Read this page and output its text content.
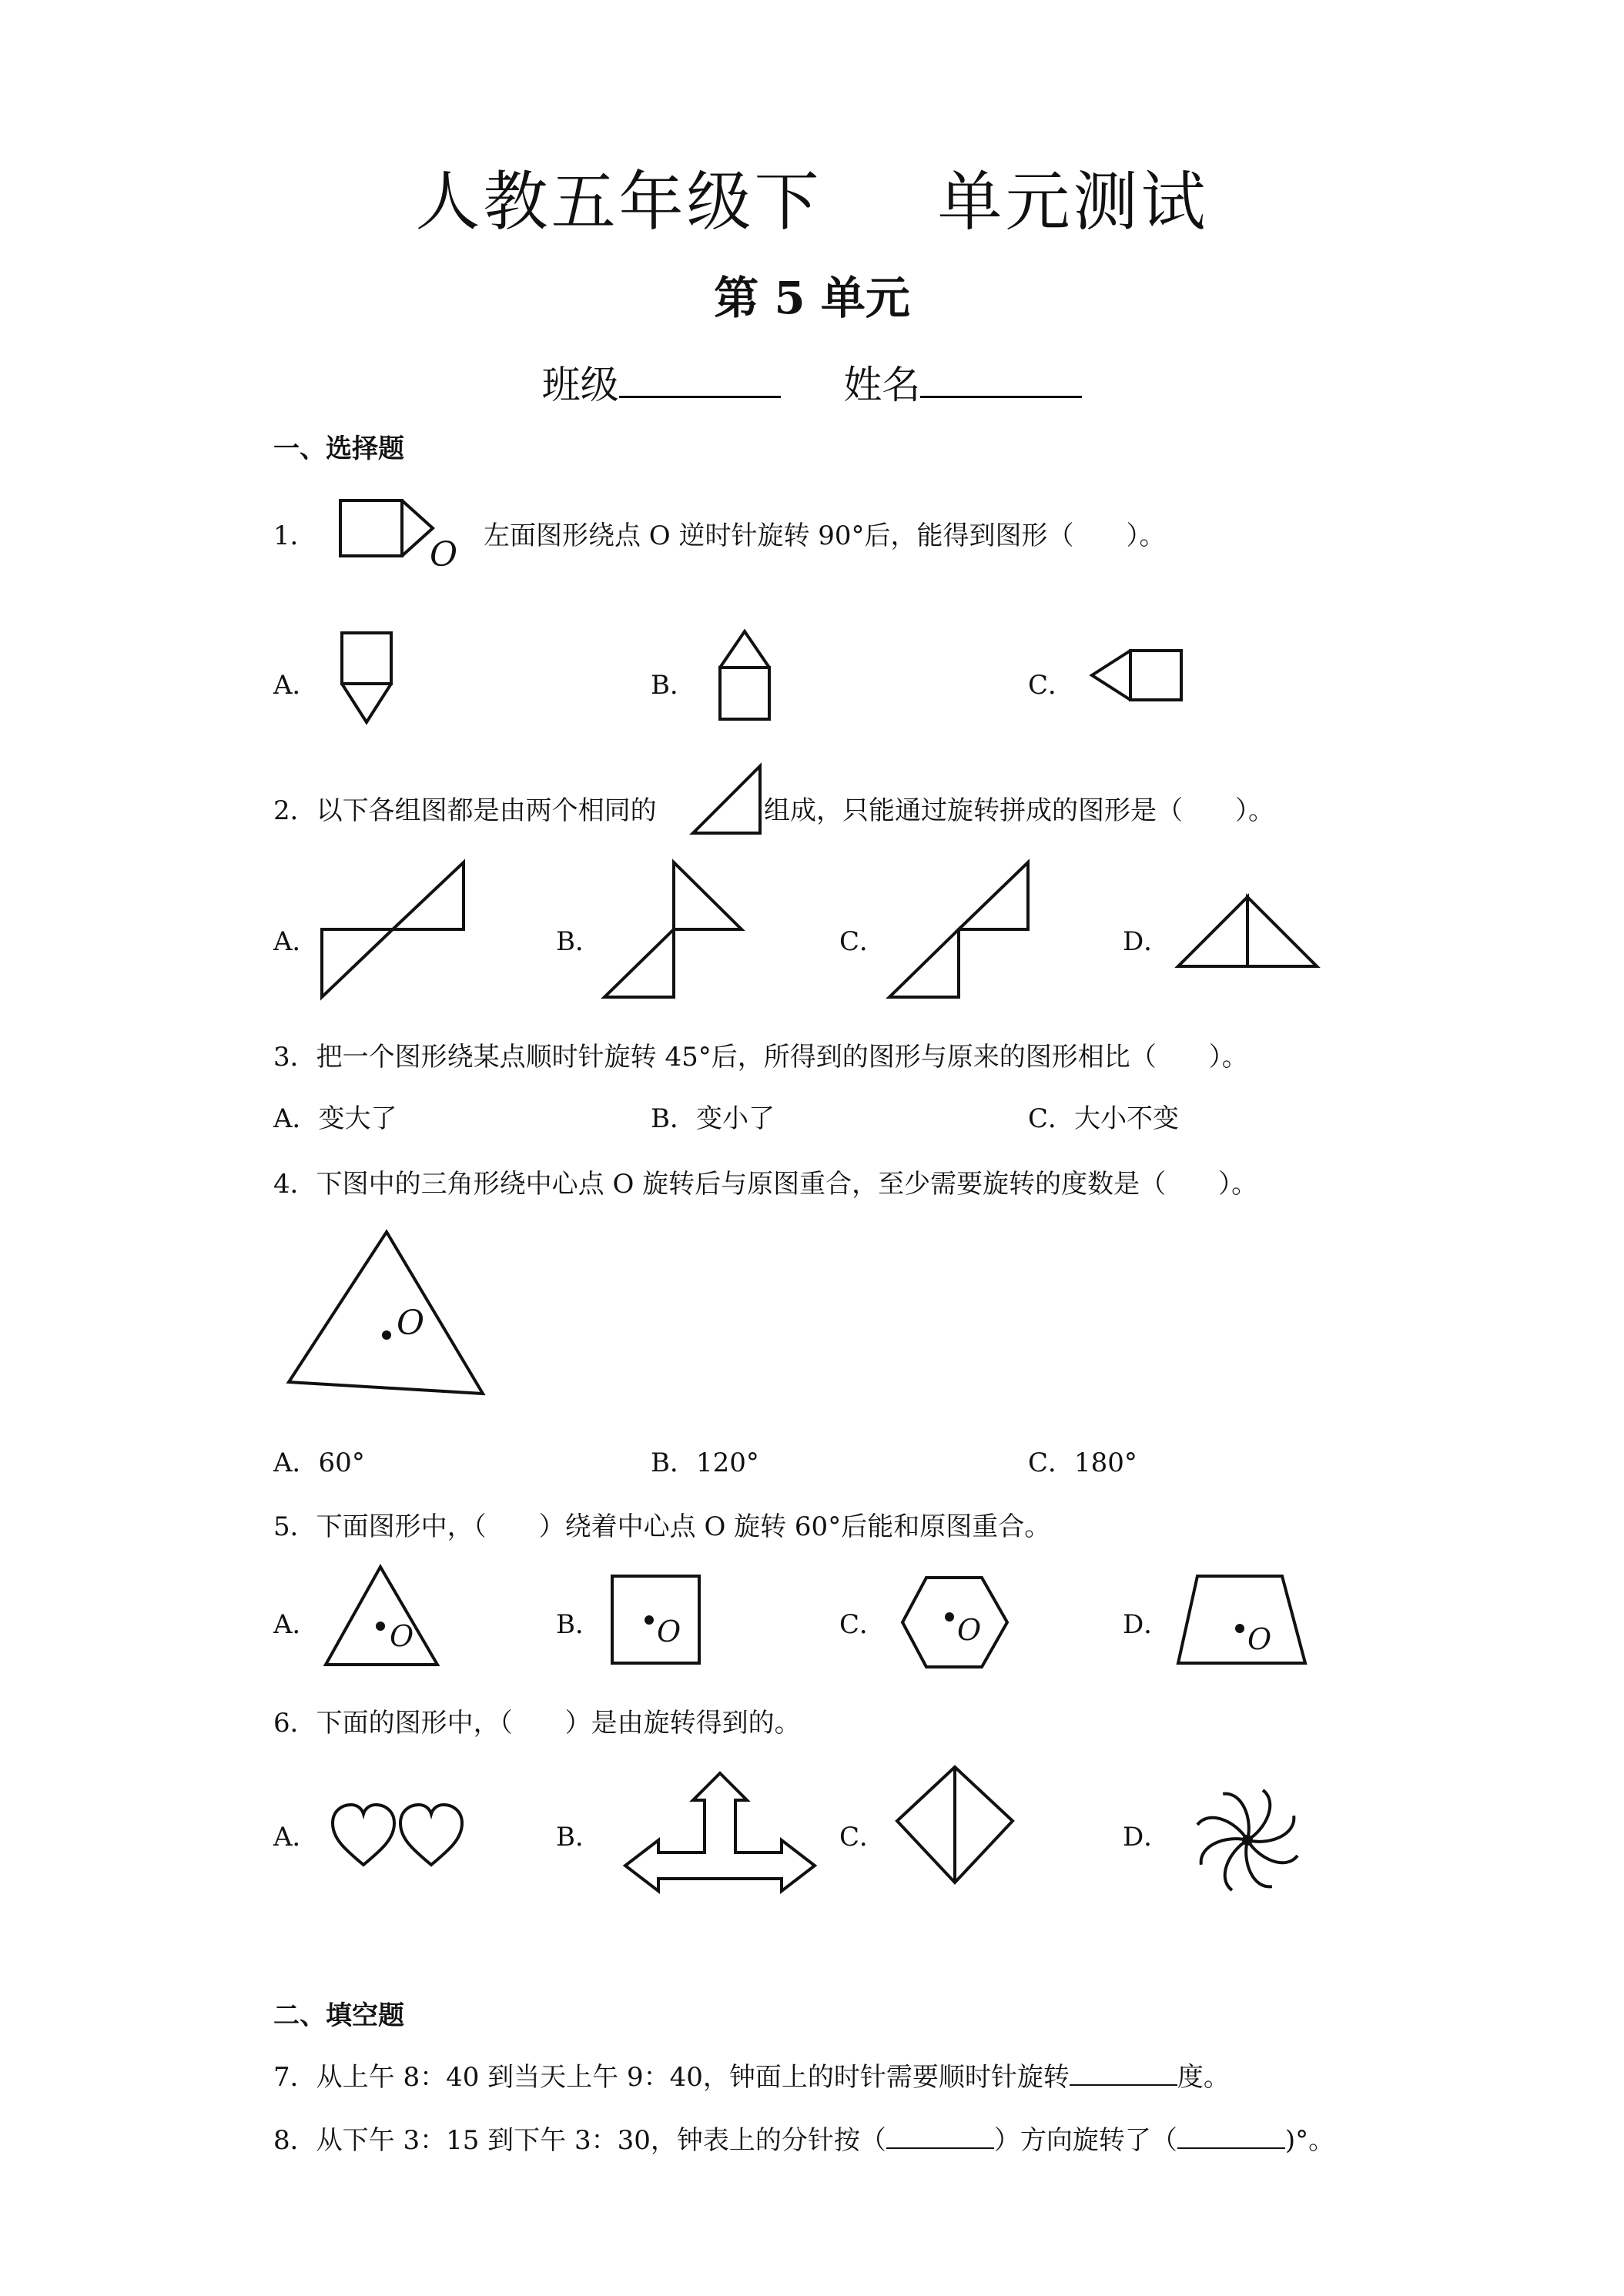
人教五年级下 单元测试
第 5 单元
班级	姓名
一、选择题
1．	O 左面图形绕点 O 逆时针旋转 90°后，能得到图形（　　）。
A．	B．	C．
2．以下各组图都是由两个相同的	组成，只能通过旋转拼成的图形是（　　）。
A．	B．	C．	D．
3．把一个图形绕某点顺时针旋转 45°后，所得到的图形与原来的图形相比（　　）。
A．变大了	B．变小了	C．大小不变
4．下图中的三角形绕中心点 O 旋转后与原图重合，至少需要旋转的度数是（　　）。
O
A．60°	B．120°	C．180°
5．下面图形中，（　　）绕着中心点 O 旋转 60°后能和原图重合。
A． O	B． O	C． O	D．	O
6．下面的图形中，（　　）是由旋转得到的。
A．	B．	C．	D．
二、填空题
7．从上午 8：40 到当天上午 9：40，钟面上的时针需要顺时针旋转	度。
8．从下午 3：15 到下午 3：30，钟表上的分针按（	）方向旋转了（	)°。
